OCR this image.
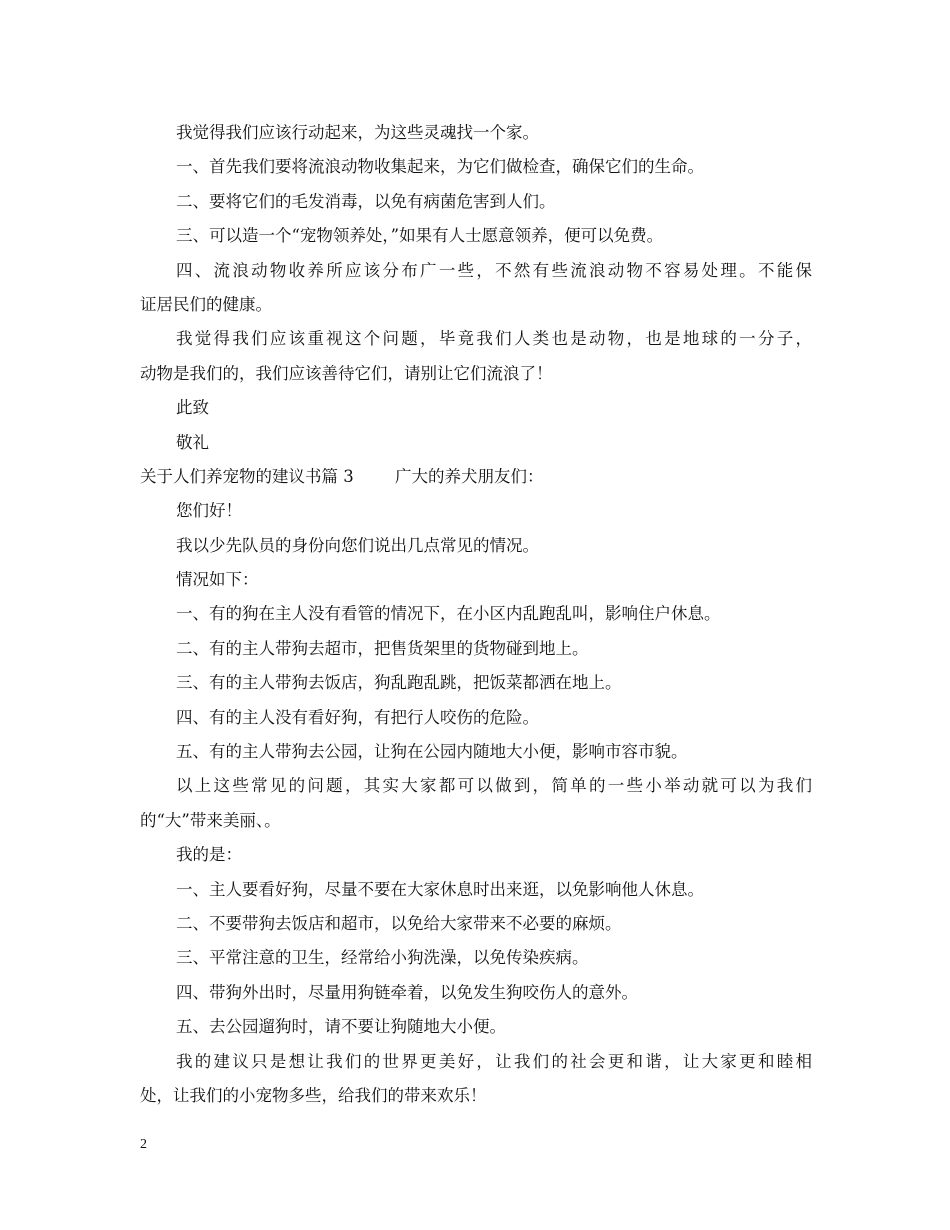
我觉得我们应该行动起来，为这些灵魂找一个家。
一、首先我们要将流浪动物收集起来，为它们做检查，确保它们的生命。
二、要将它们的毛发消毒，以免有病菌危害到人们。
三、可以造一个“宠物领养处，”如果有人士愿意领养，便可以免费。
四、流浪动物收养所应该分布广一些，不然有些流浪动物不容易处理。不能保
证居民们的健康。
我觉得我们应该重视这个问题，毕竟我们人类也是动物，也是地球的一分子，
动物是我们的，我们应该善待它们，请别让它们流浪了！
此致
敬礼
关于人们养宠物的建议书篇 3	广大的养犬朋友们：
您们好！
我以少先队员的身份向您们说出几点常见的情况。
情况如下：
一、有的狗在主人没有看管的情况下，在小区内乱跑乱叫，影响住户休息。
二、有的主人带狗去超市，把售货架里的货物碰到地上。
三、有的主人带狗去饭店，狗乱跑乱跳，把饭菜都洒在地上。
四、有的主人没有看好狗，有把行人咬伤的危险。
五、有的主人带狗去公园，让狗在公园内随地大小便，影响市容市貌。
以上这些常见的问题，其实大家都可以做到，简单的一些小举动就可以为我们
的“大”带来美丽、。
我的是：
一、主人要看好狗，尽量不要在大家休息时出来逛，以免影响他人休息。
二、不要带狗去饭店和超市，以免给大家带来不必要的麻烦。
三、平常注意的卫生，经常给小狗洗澡，以免传染疾病。
四、带狗外出时，尽量用狗链牵着，以免发生狗咬伤人的意外。
五、去公园遛狗时，请不要让狗随地大小便。
我的建议只是想让我们的世界更美好，让我们的社会更和谐，让大家更和睦相
处，让我们的小宠物多些，给我们的带来欢乐！
2
